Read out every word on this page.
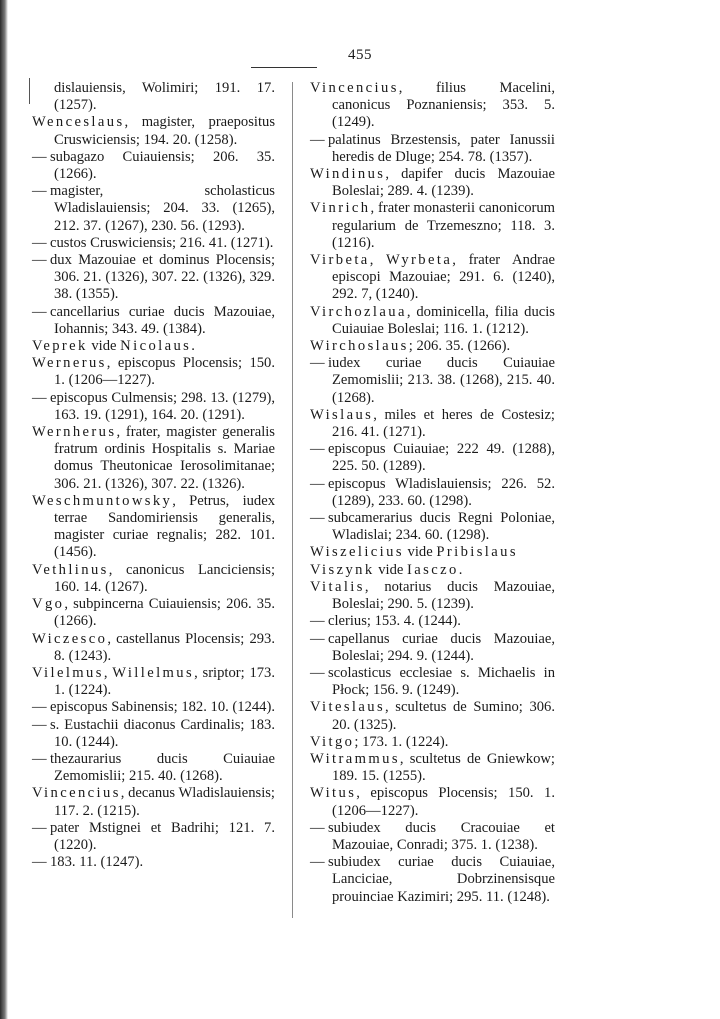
455
dislauiensis, Wolimiri; 191. 17. (1257).
Wenceslaus, magister, praepositus Cruswiciensis; 194. 20. (1258).
— subagazo Cuiauiensis; 206. 35. (1266).
— magister, scholasticus Wladislauiensis; 204. 33. (1265), 212. 37. (1267), 230. 56. (1293).
— custos Cruswiciensis; 216. 41. (1271).
— dux Mazouiae et dominus Plocensis; 306. 21. (1326), 307. 22. (1326), 329. 38. (1355).
— cancellarius curiae ducis Mazouiae, Iohannis; 343. 49. (1384).
Veprek vide Nicolaus.
Wernerus, episcopus Plocensis; 150. 1. (1206—1227).
— episcopus Culmensis; 298. 13. (1279), 163. 19. (1291), 164. 20. (1291).
Wernherus, frater, magister generalis fratrum ordinis Hospitalis s. Mariae domus Theutonicae Ierosolimitanae; 306. 21. (1326), 307. 22. (1326).
Weschmuntowsky, Petrus, iudex terrae Sandomiriensis generalis, magister curiae regnalis; 282. 101. (1456).
Vethlinus, canonicus Lanciciensis; 160. 14. (1267).
Vgo, subpincerna Cuiauiensis; 206. 35. (1266).
Wiczesco, castellanus Plocensis; 293. 8. (1243).
Vilelmus, Willelmus, sriptor; 173. 1. (1224).
— episcopus Sabinensis; 182. 10. (1244).
— s. Eustachii diaconus Cardinalis; 183. 10. (1244).
— thezaurarius ducis Cuiauiae Zemomislii; 215. 40. (1268).
Vincencius, decanus Wladislauiensis; 117. 2. (1215).
— pater Mstignei et Badrihi; 121. 7. (1220).
— 183. 11. (1247).
Vincencius, filius Macelini, canonicus Poznaniensis; 353. 5. (1249).
— palatinus Brzestensis, pater Ianussii heredis de Dluge; 254. 78. (1357).
Windinus, dapifer ducis Mazouiae Boleslai; 289. 4. (1239).
Vinrich, frater monasterii canonicorum regularium de Trzemeszno; 118. 3. (1216).
Virbeta, Wyrbeta, frater Andrae episcopi Mazouiae; 291. 6. (1240), 292. 7, (1240).
Virchozlaua, dominicella, filia ducis Cuiauiae Boleslai; 116. 1. (1212).
Wirchoslaus; 206. 35. (1266).
— iudex curiae ducis Cuiauiae Zemomislii; 213. 38. (1268), 215. 40. (1268).
Wislaus, miles et heres de Costesiz; 216. 41. (1271).
— episcopus Cuiauiae; 222 49. (1288), 225. 50. (1289).
— episcopus Wladislauiensis; 226. 52. (1289), 233. 60. (1298).
— subcamerarius ducis Regni Poloniae, Wladislai; 234. 60. (1298).
Wiszelicius vide Pribislaus
Viszynk vide Iasczo.
Vitalis, notarius ducis Mazouiae, Boleslai; 290. 5. (1239).
— clerius; 153. 4. (1244).
— capellanus curiae ducis Mazouiae, Boleslai; 294. 9. (1244).
— scolasticus ecclesiae s. Michaelis in Płock; 156. 9. (1249).
Viteslaus, scultetus de Sumino; 306. 20. (1325).
Vitgo; 173. 1. (1224).
Witrammus, scultetus de Gniewkow; 189. 15. (1255).
Witus, episcopus Plocensis; 150. 1. (1206—1227).
— subiudex ducis Cracouiae et Mazouiae, Conradi; 375. 1. (1238).
— subiudex curiae ducis Cuiauiae, Lanciciae, Dobrzinensisque prouinciae Kazimiri; 295. 11. (1248).
